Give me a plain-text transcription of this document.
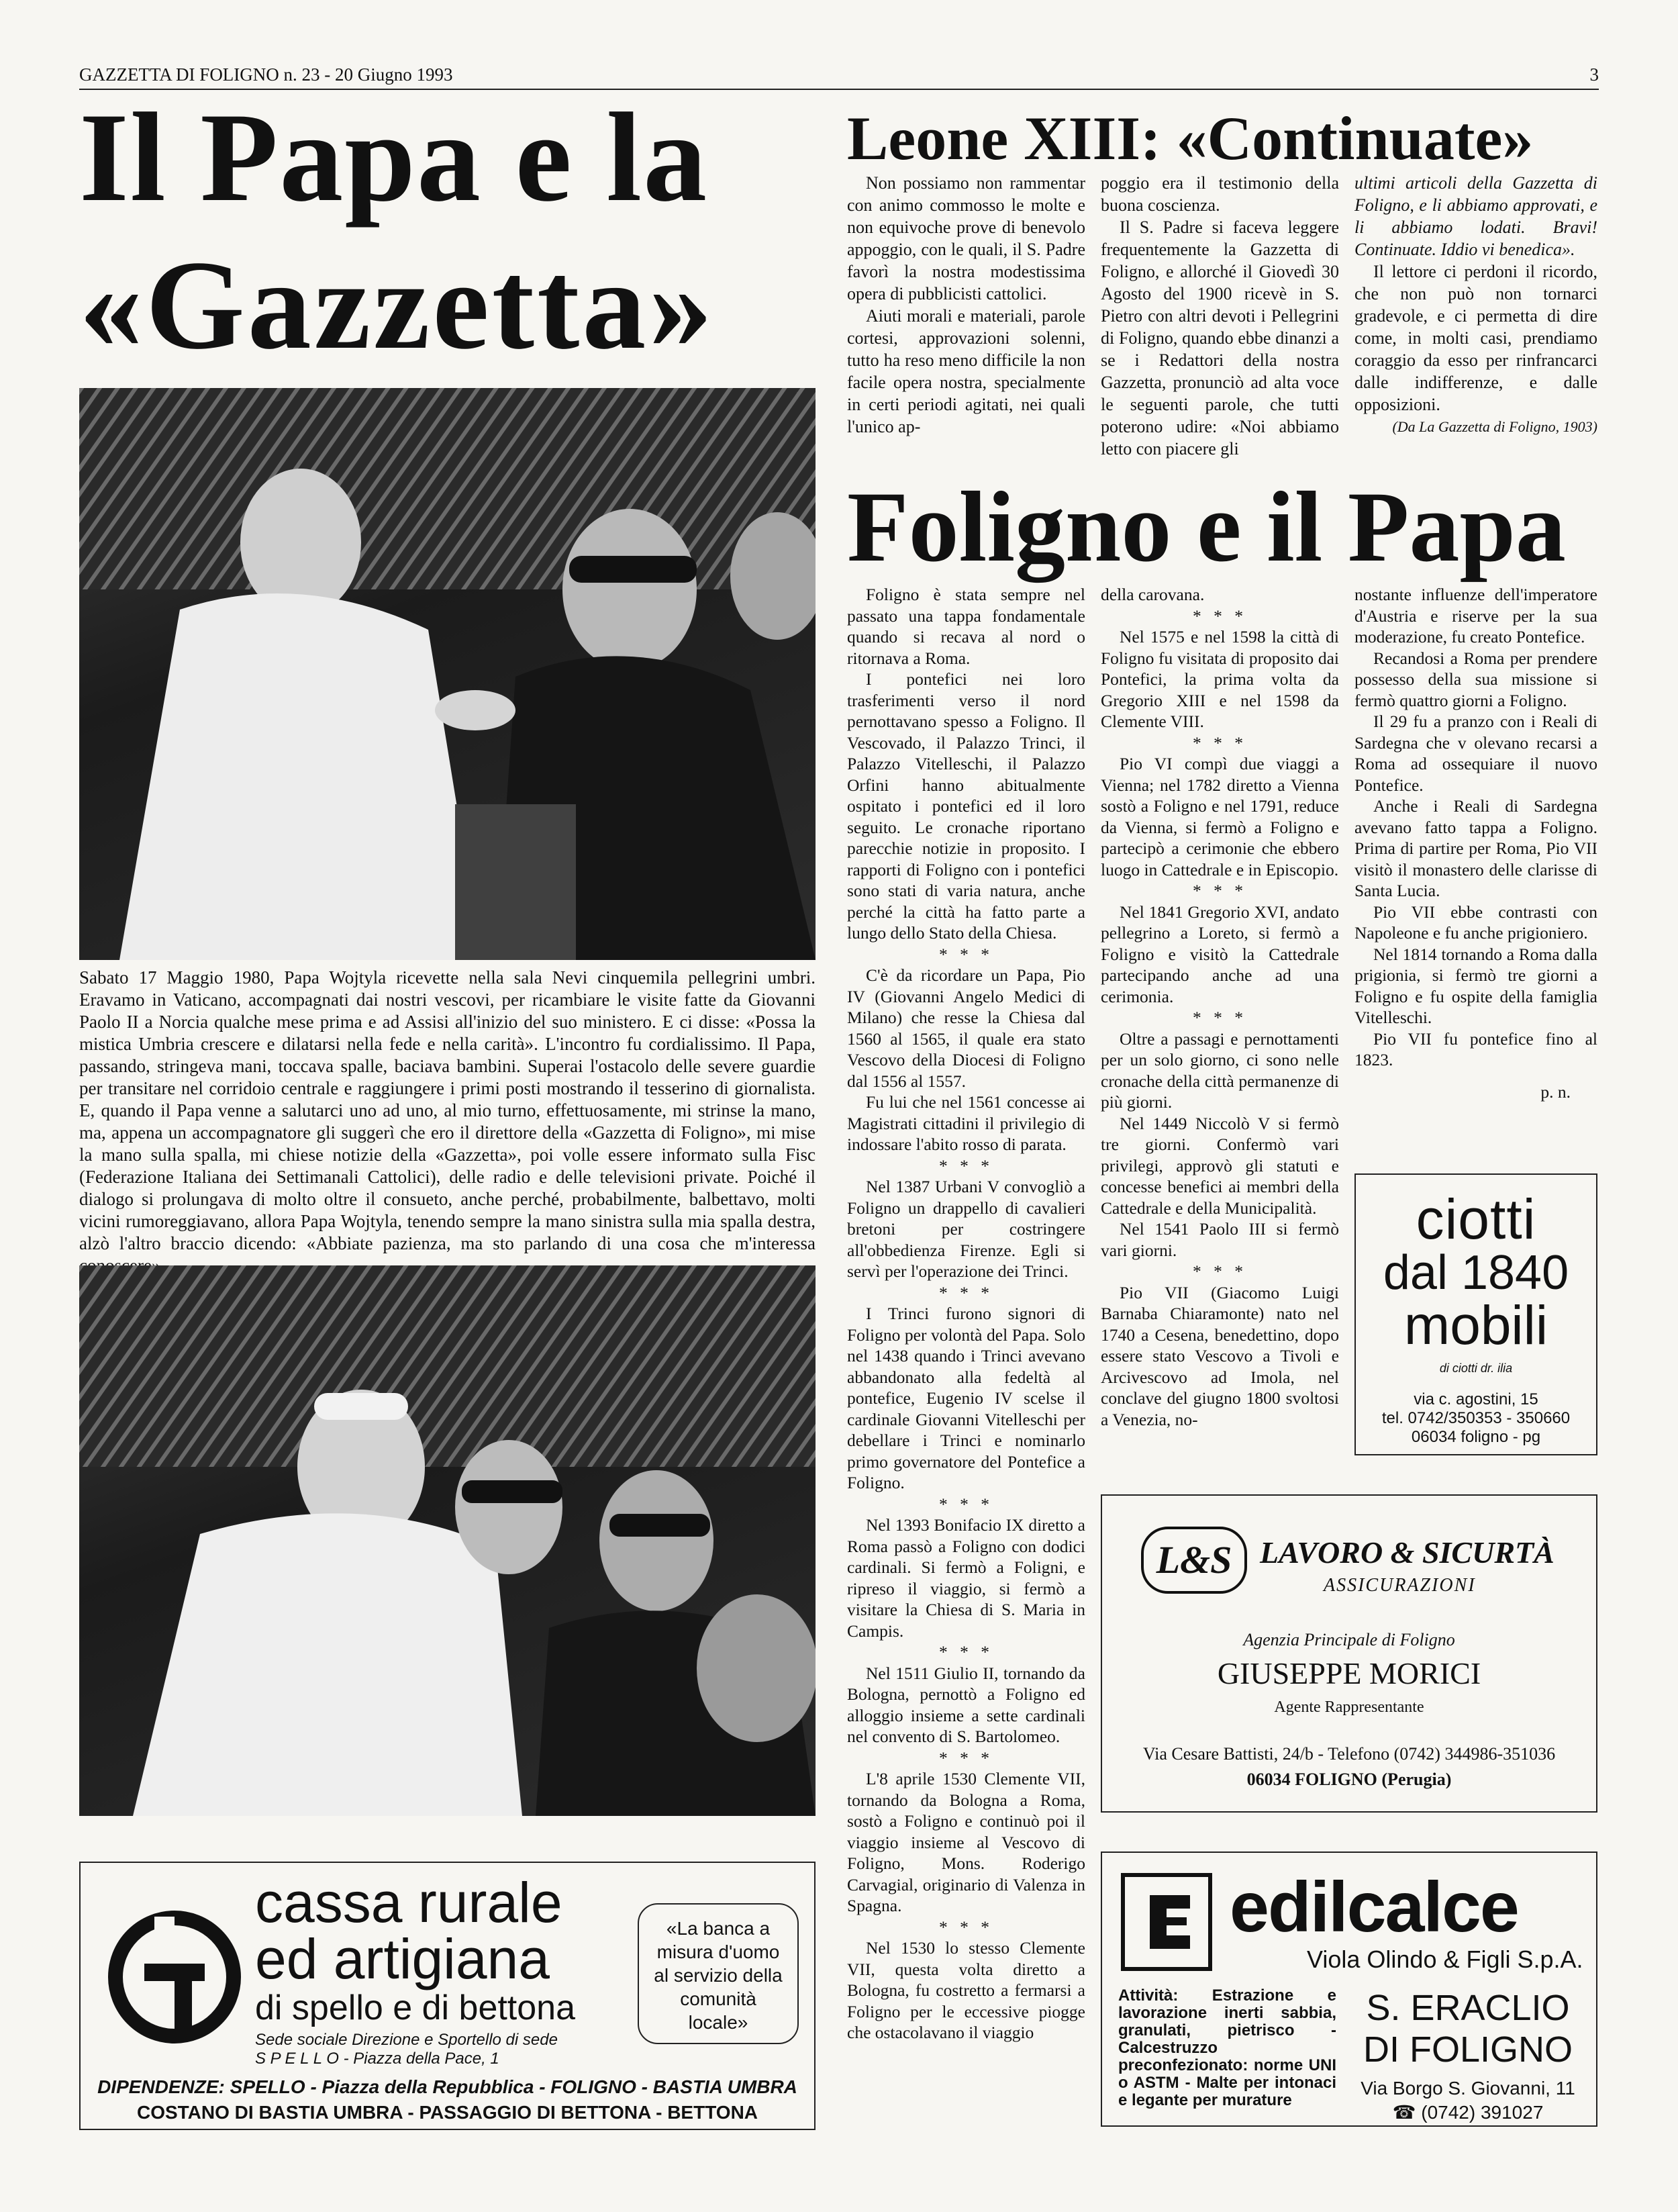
GAZZETTA DI FOLIGNO n. 23 - 20 Giugno 1993	3
Il Papa e la
«Gazzetta»
Sabato 17 Maggio 1980, Papa Wojtyla ricevette nella sala Nevi cinquemila pellegrini umbri. Eravamo in Vaticano, accompagnati dai nostri vescovi, per ricambiare le visite fatte da Giovanni Paolo II a Norcia qualche mese prima e ad Assisi all'inizio del suo ministero. E ci disse: «Possa la mistica Umbria crescere e dilatarsi nella fede e nella carità». L'incontro fu cordialissimo. Il Papa, passando, stringeva mani, toccava spalle, baciava bambini. Superai l'ostacolo delle severe guardie per transitare nel corridoio centrale e raggiungere i primi posti mostrando il tesserino di giornalista. E, quando il Papa venne a salutarci uno ad uno, al mio turno, effettuosamente, mi strinse la mano, ma, appena un accompagnatore gli suggerì che ero il direttore della «Gazzetta di Foligno», mi mise la mano sulla spalla, mi chiese notizie della «Gazzetta», poi volle essere informato sulla Fisc (Federazione Italiana dei Settimanali Cattolici), delle radio e delle televisioni private. Poiché il dialogo si prolungava di molto oltre il consueto, anche perché, probabilmente, balbettavo, molti vicini rumoreggiavano, allora Papa Wojtyla, tenendo sempre la mano sinistra sulla mia spalla destra, alzò l'altro braccio dicendo: «Abbiate pazienza, ma sto parlando di una cosa che m'interessa
cassa rurale
ed artigiana
di spello e di bettona
Sede sociale Direzione e Sportello di sede
S P E L L O - Piazza della Pace, 1
«La banca a misura d'uomo al servizio della comunità locale»
DIPENDENZE: SPELLO - Piazza della Repubblica - FOLIGNO - BASTIA UMBRA
COSTANO DI BASTIA UMBRA - PASSAGGIO DI BETTONA - BETTONA
Leone XIII: «Continuate»

Non possiamo non rammentar con animo commosso le molte e non equivoche prove di benevolo appoggio, con le quali, il S. Padre favorì la nostra modestissima opera di pubblicisti cattolici.

Aiuti morali e materiali, parole cortesi, approvazioni solenni, tutto ha reso meno difficile la non facile opera nostra, specialmente in certi periodi agitati, nei quali l'unico ap-

poggio era il testimonio della buona coscienza.

Il S. Padre si faceva leggere frequentemente la Gazzetta di Foligno, e allorché il Giovedì 30 Agosto del 1900 ricevè in S. Pietro con altri devoti i Pellegrini di Foligno, quando ebbe dinanzi a se i Redattori della nostra Gazzetta, pronunciò ad alta voce le seguenti parole, che tutti poterono udire: «Noi abbiamo letto con piacere gli

ultimi articoli della Gazzetta di Foligno, e li abbiamo approvati, e li abbiamo lodati. Bravi! Continuate. Iddio vi benedica».

Il lettore ci perdoni il ricordo, che non può non tornarci gradevole, e ci permetta di dire come, in molti casi, prendiamo coraggio da esso per rinfrancarci dalle indifferenze, e dalle opposizioni.

(Da La Gazzetta di Foligno, 1903)

Foligno e il Papa

Foligno è stata sempre nel passato una tappa fondamentale quando si recava al nord o ritornava a Roma.

I pontefici nei loro trasferimenti verso il nord pernottavano spesso a Foligno. Il Vescovado, il Palazzo Trinci, il Palazzo Vitelleschi, il Palazzo Orfini hanno abitualmente ospitato i pontefici ed il loro seguito. Le cronache riportano parecchie notizie in proposito. I rapporti di Foligno con i pontefici sono stati di varia natura, anche perché la città ha fatto parte a lungo dello Stato della Chiesa.

* * *

C'è da ricordare un Papa, Pio IV (Giovanni Angelo Medici di Milano) che resse la Chiesa dal 1560 al 1565, il quale era stato Vescovo della Diocesi di Foligno dal 1556 al 1557.

Fu lui che nel 1561 concesse ai Magistrati cittadini il privilegio di indossare l'abito rosso di parata.

* * *

Nel 1387 Urbani V convogliò a Foligno un drappello di cavalieri bretoni per costringere all'obbedienza Firenze. Egli si servì per l'operazione dei Trinci.

* * *

I Trinci furono signori di Foligno per volontà del Papa. Solo nel 1438 quando i Trinci avevano abbandonato alla fedeltà al pontefice, Eugenio IV scelse il cardinale Giovanni Vitelleschi per debellare i Trinci e nominarlo primo governatore del Pontefice a Foligno.

* * *

Nel 1393 Bonifacio IX diretto a Roma passò a Foligno con dodici cardinali. Si fermò a Foligni, e ripreso il viaggio, si fermò a visitare la Chiesa di S. Maria in Campis.

* * *

Nel 1511 Giulio II, tornando da Bologna, pernottò a Foligno ed alloggio insieme a sette cardinali nel convento di S. Bartolomeo.

* * *

L'8 aprile 1530 Clemente VII, tornando da Bologna a Roma, sostò a Foligno e continuò poi il viaggio insieme al Vescovo di Foligno, Mons. Roderigo Carvagial, originario di Valenza in Spagna.

* * *

Nel 1530 lo stesso Clemente VII, questa volta diretto a Bologna, fu costretto a fermarsi a Foligno per le eccessive piogge che ostacolavano il viaggio

della carovana.

* * *

Nel 1575 e nel 1598 la città di Foligno fu visitata di proposito dai Pontefici, la prima volta da Gregorio XIII e nel 1598 da Clemente VIII.

* * *

Pio VI compì due viaggi a Vienna; nel 1782 diretto a Vienna sostò a Foligno e nel 1791, reduce da Vienna, si fermò a Foligno e partecipò a cerimonie che ebbero luogo in Cattedrale e in Episcopio.

* * *

Nel 1841 Gregorio XVI, andato pellegrino a Loreto, si fermò a Foligno e visitò la Cattedrale partecipando anche ad una cerimonia.

* * *

Oltre a passagi e pernottamenti per un solo giorno, ci sono nelle cronache della città permanenze di più giorni.

Nel 1449 Niccolò V si fermò tre giorni. Confermò vari privilegi, approvò gli statuti e concesse benefici ai membri della Cattedrale e della Municipalità.

Nel 1541 Paolo III si fermò vari giorni.

* * *

Pio VII (Giacomo Luigi Barnaba Chiaramonte) nato nel 1740 a Cesena, benedettino, dopo essere stato Vescovo a Tivoli e Arcivescovo ad Imola, nel conclave del giugno 1800 svoltosi a Venezia, no-

nostante influenze dell'imperatore d'Austria e riserve per la sua moderazione, fu creato Pontefice.

Recandosi a Roma per prendere possesso della sua missione si fermò quattro giorni a Foligno.

Il 29 fu a pranzo con i Reali di Sardegna che v olevano recarsi a Roma ad ossequiare il nuovo Pontefice.

Anche i Reali di Sardegna avevano fatto tappa a Foligno. Prima di partire per Roma, Pio VII visitò il monastero delle clarisse di Santa Lucia.

Pio VII ebbe contrasti con Napoleone e fu anche prigioniero.

Nel 1814 tornando a Roma dalla prigionia, si fermò tre giorni a Foligno e fu ospite della famiglia Vitelleschi.

Pio VII fu pontefice fino al 1823.

p. n.

ciotti
dal 1840
mobili
di ciotti dr. ilia
via c. agostini, 15
tel. 0742/350353 - 350660
06034 foligno - pg
L&S LAVORO & SICURTÀ
ASSICURAZIONI
Agenzia Principale di Foligno
GIUSEPPE MORICI
Agente Rappresentante
Via Cesare Battisti, 24/b - Telefono (0742) 344986-351036
06034 FOLIGNO (Perugia)
edilcalce
Viola Olindo & Figli S.p.A.
Attività: Estrazione e lavorazione inerti sabbia, granulati, pietrisco - Calcestruzzo preconfezionato: norme UNI o ASTM - Malte per intonaci e legante per murature
S. ERACLIO
DI FOLIGNO
Via Borgo S. Giovanni, 11
☎ (0742) 391027
